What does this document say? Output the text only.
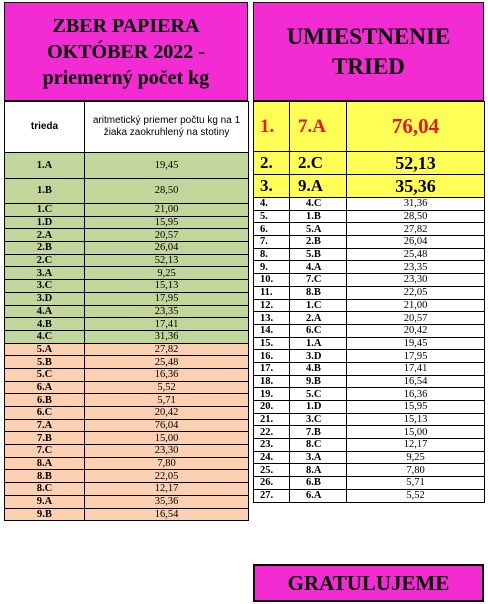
ZBER PAPIERA
OKTÓBER 2022 -
priemerný počet kg
trieda	aritmetický priemer počtu kg na 1 žiaka zaokruhlený na stotiny
1.A	19,45
1.B	28,50
1.C	21,00
1.D	15,95
2.A	20,57
2.B	26,04
2.C	52,13
3.A	9,25
3.C	15,13
3.D	17,95
4.A	23,35
4.B	17,41
4.C	31,36
5.A	27,82
5.B	25,48
5.C	16,36
6.A	5,52
6.B	5,71
6.C	20,42
7.A	76,04
7.B	15,00
7.C	23,30
8.A	7,80
8.B	22,05
8.C	12,17
9.A	35,36
9.B	16,54
UMIESTNENIE
TRIED
1.	7.A	76,04
2.	2.C	52,13
3.	9.A	35,36
4.	4.C	31,36
5.	1.B	28,50
6.	5.A	27,82
7.	2.B	26,04
8.	5.B	25,48
9.	4.A	23,35
10.	7.C	23,30
11.	8.B	22,05
12.	1.C	21,00
13.	2.A	20,57
14.	6.C	20,42
15.	1.A	19,45
16.	3.D	17,95
17.	4.B	17,41
18.	9.B	16,54
19.	5.C	16,36
20.	1.D	15,95
21.	3.C	15,13
22.	7.B	15,00
23.	8.C	12,17
24.	3.A	9,25
25.	8.A	7,80
26.	6.B	5,71
27.	6.A	5,52
GRATULUJEME
